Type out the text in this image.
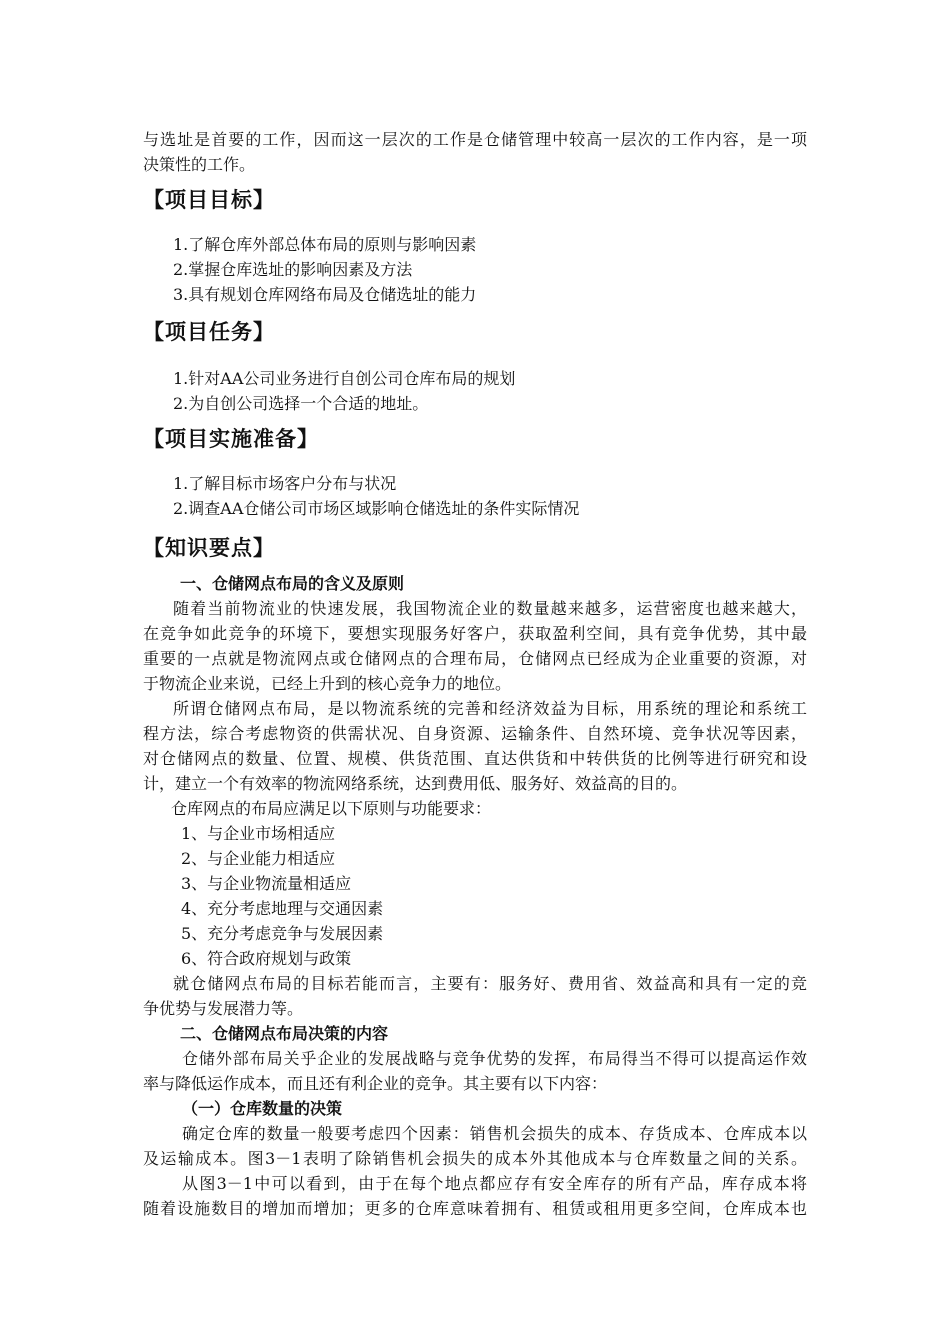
与选址是首要的工作，因而这一层次的工作是仓储管理中较高一层次的工作内容，是一项
决策性的工作。
【项目目标】
1.了解仓库外部总体布局的原则与影响因素
2.掌握仓库选址的影响因素及方法
3.具有规划仓库网络布局及仓储选址的能力
【项目任务】
1.针对AA公司业务进行自创公司仓库布局的规划
2.为自创公司选择一个合适的地址。
【项目实施准备】
1.了解目标市场客户分布与状况
2.调查AA仓储公司市场区域影响仓储选址的条件实际情况
【知识要点】
一、仓储网点布局的含义及原则
随着当前物流业的快速发展，我国物流企业的数量越来越多，运营密度也越来越大，
在竞争如此竞争的环境下，要想实现服务好客户，获取盈利空间，具有竞争优势，其中最
重要的一点就是物流网点或仓储网点的合理布局，仓储网点已经成为企业重要的资源，对
于物流企业来说，已经上升到的核心竞争力的地位。
所谓仓储网点布局，是以物流系统的完善和经济效益为目标，用系统的理论和系统工
程方法，综合考虑物资的供需状况、自身资源、运输条件、自然环境、竞争状况等因素，
对仓储网点的数量、位置、规模、供货范围、直达供货和中转供货的比例等进行研究和设
计，建立一个有效率的物流网络系统，达到费用低、服务好、效益高的目的。
仓库网点的布局应满足以下原则与功能要求：
1、与企业市场相适应
2、与企业能力相适应
3、与企业物流量相适应
4、充分考虑地理与交通因素
5、充分考虑竞争与发展因素
6、符合政府规划与政策
就仓储网点布局的目标若能而言，主要有：服务好、费用省、效益高和具有一定的竞
争优势与发展潜力等。
二、仓储网点布局决策的内容
仓储外部布局关乎企业的发展战略与竞争优势的发挥，布局得当不得可以提高运作效
率与降低运作成本，而且还有利企业的竞争。其主要有以下内容：
（一）仓库数量的决策
确定仓库的数量一般要考虑四个因素：销售机会损失的成本、存货成本、仓库成本以
及运输成本。图3－1表明了除销售机会损失的成本外其他成本与仓库数量之间的关系。
从图3－1中可以看到，由于在每个地点都应存有安全库存的所有产品，库存成本将
随着设施数目的增加而增加；更多的仓库意味着拥有、租赁或租用更多空间，仓库成本也
